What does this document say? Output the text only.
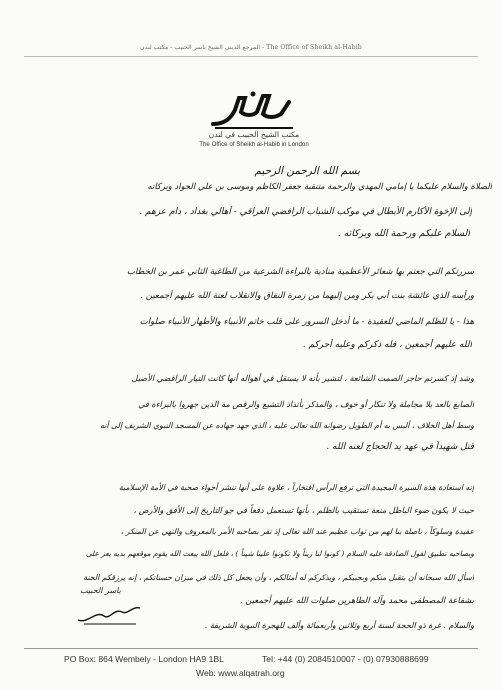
المرجع الديني الشيخ ياسر الحبيب - مكتب لندن - The Office of Sheikh al-Habib
مكتب الشيخ الحبيب في لندن
The Office of Sheikh al-Habib in London
بسم الله الرحمن الرحيم
الصلاة والسلام عليكما يا إمامي المهدي والرحمة متنقبة جعفر الكاظم وموسى بن علي الجواد وبركاته
إلى الإخوة الأكارم الأبطال في موكب الشباب الرافضي العراقي - أهالي بغداد ، دام عزهم .
السلام عليكم ورحمة الله وبركاته .
سررتكم التي جعتم بها شعائر الأعظمية منادية بالبراءة الشرعية من الطاغية الثاني عمر بن الخطاب
ورأسه الذي عائشة بنت أبي بكر ومن إليهما من زمرة النفاق والانقلاب لعنة الله عليهم أجمعين .
هذا - يا للظلم الماضي للعقيدة - ما أدخل السرور على قلب خاتم الأنبياء والأطهار الأنبياء صلوات
الله عليهم أجمعين ، فله ذكركم وعليه أجركم .
وشد إذ كسرتم حاجز الصمت الشائعة ، لتشير بأنه لا يستقل في أهواله أنها كانت التيار الرافضي الأصيل
الصابغ بالعد بلا مجاملة ولا تنكار أو خوف ، والمذكر بأنذاذ التشيع والرقص مة الذين جهروا بالبراءة في
وسط أهل الخلاف ، أليس به أم الطويل رضوانه الله تعالى عليه ، الذي جهد جهاده عن المسجد النبوي الشريف إلى أنه
قتل شهيداً في عهد يد الحجاج لعنه الله .
إنه استعادة هذه السيرة المجيدة التي ترفع الرأس افتخاراً ، علاوة على أنها تنشر أجواء صحية في الأمة الإسلامية
حيث لا يكون ضوء الباطل منعة تستقيب بالظلم ، بأنها تستعمل دفعاً في جو التاريخ إلى الأفق والأرض ،
عقيدة وسلوكاً ، ناصلة بنا لهم من ثواب عظيم عند الله تعالى إذ تقر بصاحبه الأمر بالمعروف والنهي عن المنكر ،
وبصاحبه تطبيق لقول الصادقة عليه السلام ( كونوا لنا زيناً ولا تكونوا علينا شيناً ) ، فلعل الله يبعث الله يقوم موقعهم بديه يعز على
أسأل الله سبحانه أن يتقبل منكم وبجبيكم ، ويذكركم له أمثالكم ، وأن يجعل كل ذلك في ميزان حسناتكم ، إنه يرزقكم الجنة
بشفاعة المصطفى محمد وآله الطاهرين صلوات الله عليهم أجمعين .
والسلام . غرة ذو الحجة لسنة أربع وثلاثين وأربعمائة وألف للهجرة النبوية الشريفة .
ياسر الحبيب
PO Box: 864 Wembely - London HA9 1BL	Tel: +44 (0) 2084510007 - (0) 07930888699
Web: www.alqatrah.org
